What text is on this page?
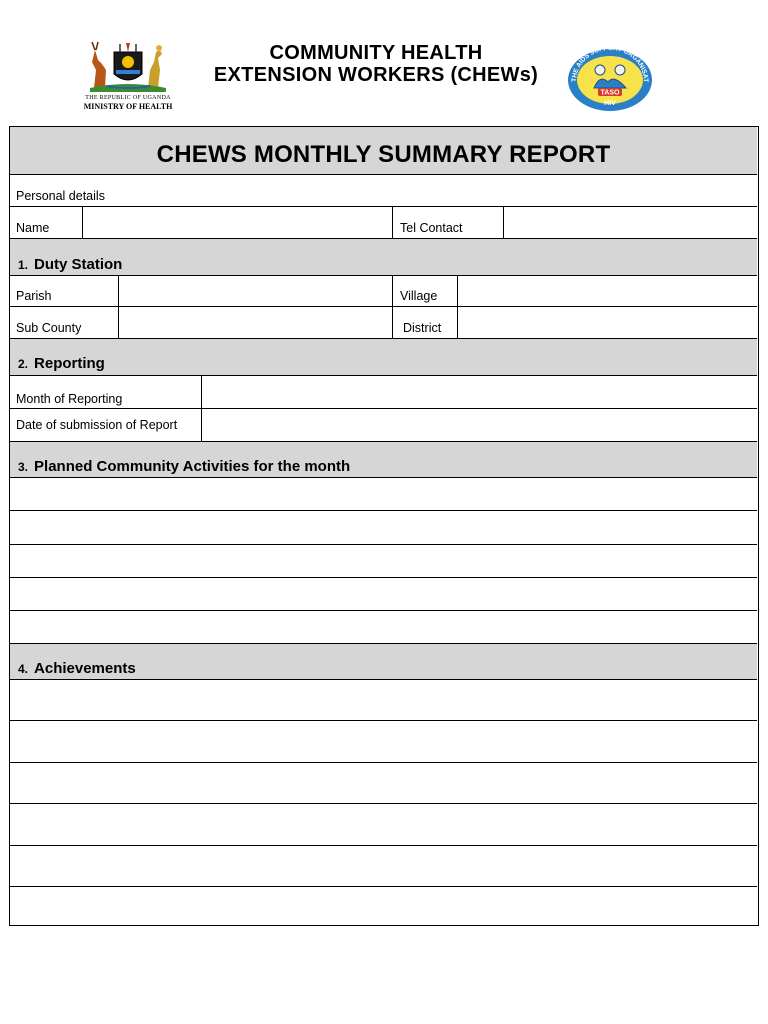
THE REPUBLIC OF UGANDA
MINISTRY OF HEALTH
COMMUNITY HEALTH
EXTENSION WORKERS (CHEWs)	THE AIDS SUPPORT ORGANISAT
TASO
HIV
CHEWS MONTHLY SUMMARY REPORT
Personal details
Name	Tel Contact
1. Duty Station
Parish	Village
Sub County	District
2. Reporting
Month of Reporting
Date of submission of Report
3. Planned Community Activities for the month
4. Achievements
